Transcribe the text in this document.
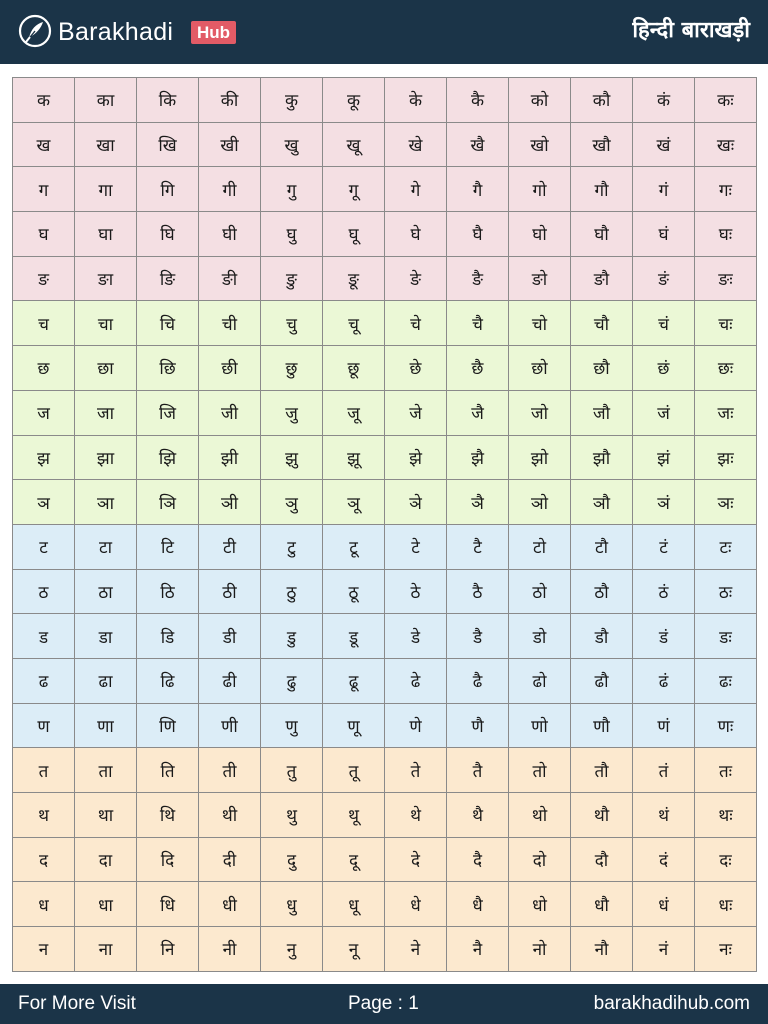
Barakhadi	Hub	हिन्दी बाराखड़ी
क	का	कि	की	कु	कू	के	कै	को	कौ	कं	कः
ख	खा	खि	खी	खु	खू	खे	खै	खो	खौ	खं	खः
ग	गा	गि	गी	गु	गू	गे	गै	गो	गौ	गं	गः
घ	घा	घि	घी	घु	घू	घे	घै	घो	घौ	घं	घः
ङ	ङा	ङि	ङी	ङु	ङू	ङे	ङै	ङो	ङौ	ङं	ङः
च	चा	चि	ची	चु	चू	चे	चै	चो	चौ	चं	चः
छ	छा	छि	छी	छु	छू	छे	छै	छो	छौ	छं	छः
ज	जा	जि	जी	जु	जू	जे	जै	जो	जौ	जं	जः
झ	झा	झि	झी	झु	झू	झे	झै	झो	झौ	झं	झः
ञ	ञा	ञि	ञी	ञु	ञू	ञे	ञै	ञो	ञौ	ञं	ञः
ट	टा	टि	टी	टु	टू	टे	टै	टो	टौ	टं	टः
ठ	ठा	ठि	ठी	ठु	ठू	ठे	ठै	ठो	ठौ	ठं	ठः
ड	डा	डि	डी	डु	डू	डे	डै	डो	डौ	डं	डः
ढ	ढा	ढि	ढी	ढु	ढू	ढे	ढै	ढो	ढौ	ढं	ढः
ण	णा	णि	णी	णु	णू	णे	णै	णो	णौ	णं	णः
त	ता	ति	ती	तु	तू	ते	तै	तो	तौ	तं	तः
थ	था	थि	थी	थु	थू	थे	थै	थो	थौ	थं	थः
द	दा	दि	दी	दु	दू	दे	दै	दो	दौ	दं	दः
ध	धा	धि	धी	धु	धू	धे	धै	धो	धौ	धं	धः
न	ना	नि	नी	नु	नू	ने	नै	नो	नौ	नं	नः
For More Visit	Page : 1	barakhadihub.com
